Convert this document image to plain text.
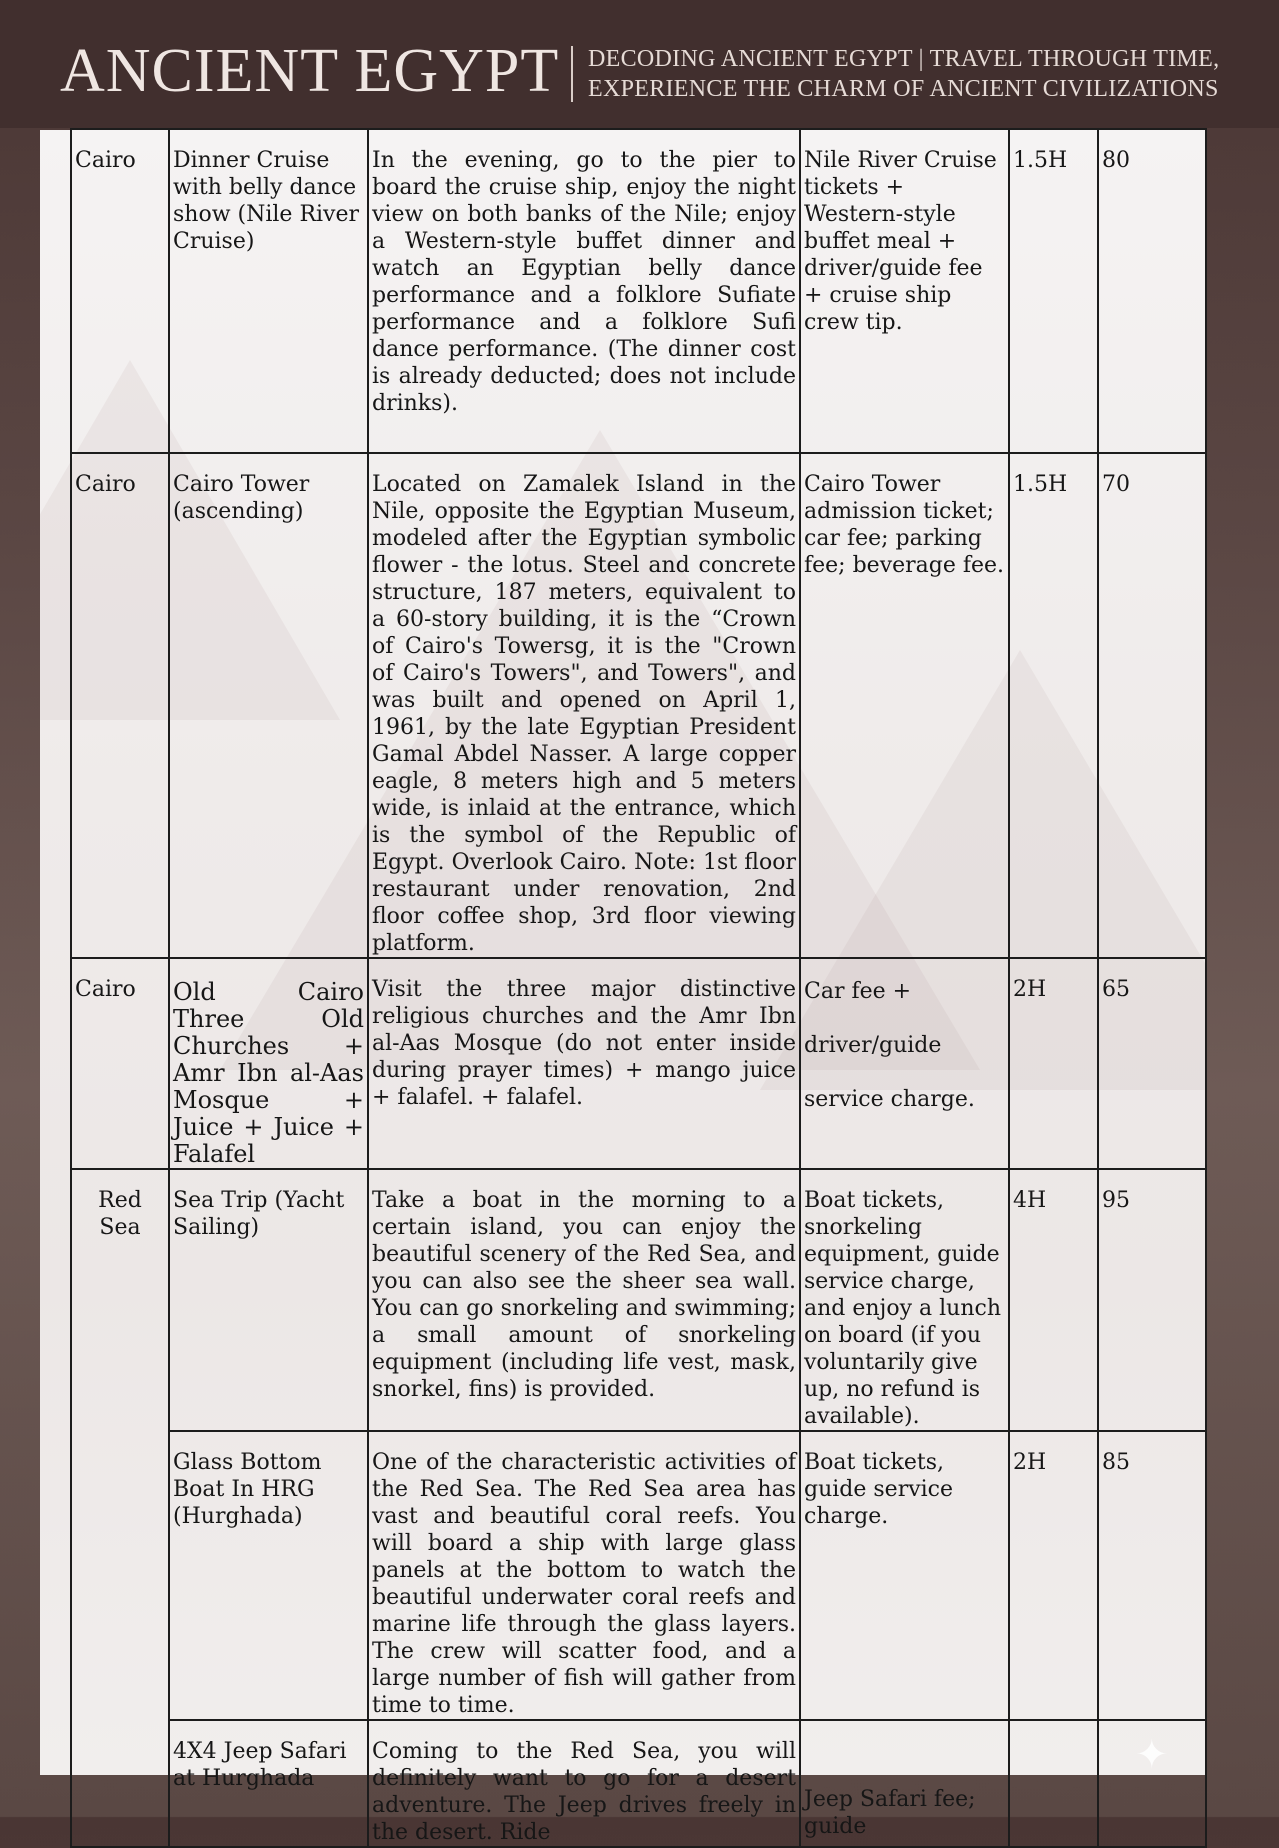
ANCIENT EGYPT DECODING ANCIENT EGYPT | TRAVEL THROUGH TIME,
EXPERIENCE THE CHARM OF ANCIENT CIVILIZATIONS
✦
Cairo	Dinner Cruise with belly dance show (Nile River Cruise)	In the evening, go to the pier to board the cruise ship, enjoy the night view on both banks of the Nile; enjoy a Western-style buffet dinner and watch an Egyptian belly dance performance and a folklore Sufiate performance and a folklore Sufi dance performance. (The dinner cost is already deducted; does not include drinks).	Nile River Cruise tickets + Western-style buffet meal + driver/guide fee + cruise ship crew tip.	1.5H	80
Cairo	Cairo Tower (ascending)	Located on Zamalek Island in the Nile, opposite the Egyptian Museum, modeled after the Egyptian symbolic flower - the lotus. Steel and concrete structure, 187 meters, equivalent to a 60-story building, it is the “Crown of Cairo's Towersg, it is the "Crown of Cairo's Towers", and Towers", and was built and opened on April 1, 1961, by the late Egyptian President Gamal Abdel Nasser. A large copper eagle, 8 meters high and 5 meters wide, is inlaid at the entrance, which is the symbol of the Republic of Egypt. Overlook Cairo. Note: 1st floor restaurant under renovation, 2nd floor coffee shop, 3rd floor viewing platform.	Cairo Tower admission ticket; car fee; parking fee; beverage fee.	1.5H	70
Cairo	Old Cairo Three Old Churches + Amr Ibn al-Aas Mosque + Juice + Juice + Falafel	Visit the three major distinctive religious churches and the Amr Ibn al-Aas Mosque (do not enter inside during prayer times) + mango juice + falafel. + falafel.	Car fee + driver/guide service charge.	2H	65
Red Sea	Sea Trip (Yacht Sailing)	Take a boat in the morning to a certain island, you can enjoy the beautiful scenery of the Red Sea, and you can also see the sheer sea wall. You can go snorkeling and swimming; a small amount of snorkeling equipment (including life vest, mask, snorkel, fins) is provided.	Boat tickets, snorkeling equipment, guide service charge, and enjoy a lunch on board (if you voluntarily give up, no refund is available).	4H	95
	Glass Bottom Boat In HRG (Hurghada)	One of the characteristic activities of the Red Sea. The Red Sea area has vast and beautiful coral reefs. You will board a ship with large glass panels at the bottom to watch the beautiful underwater coral reefs and marine life through the glass layers. The crew will scatter food, and a large number of fish will gather from time to time.	Boat tickets, guide service charge.	2H	85
	4X4 Jeep Safari at Hurghada	Coming to the Red Sea, you will definitely want to go for a desert adventure. The Jeep drives freely in the desert. Ride	Jeep Safari fee; guide		
